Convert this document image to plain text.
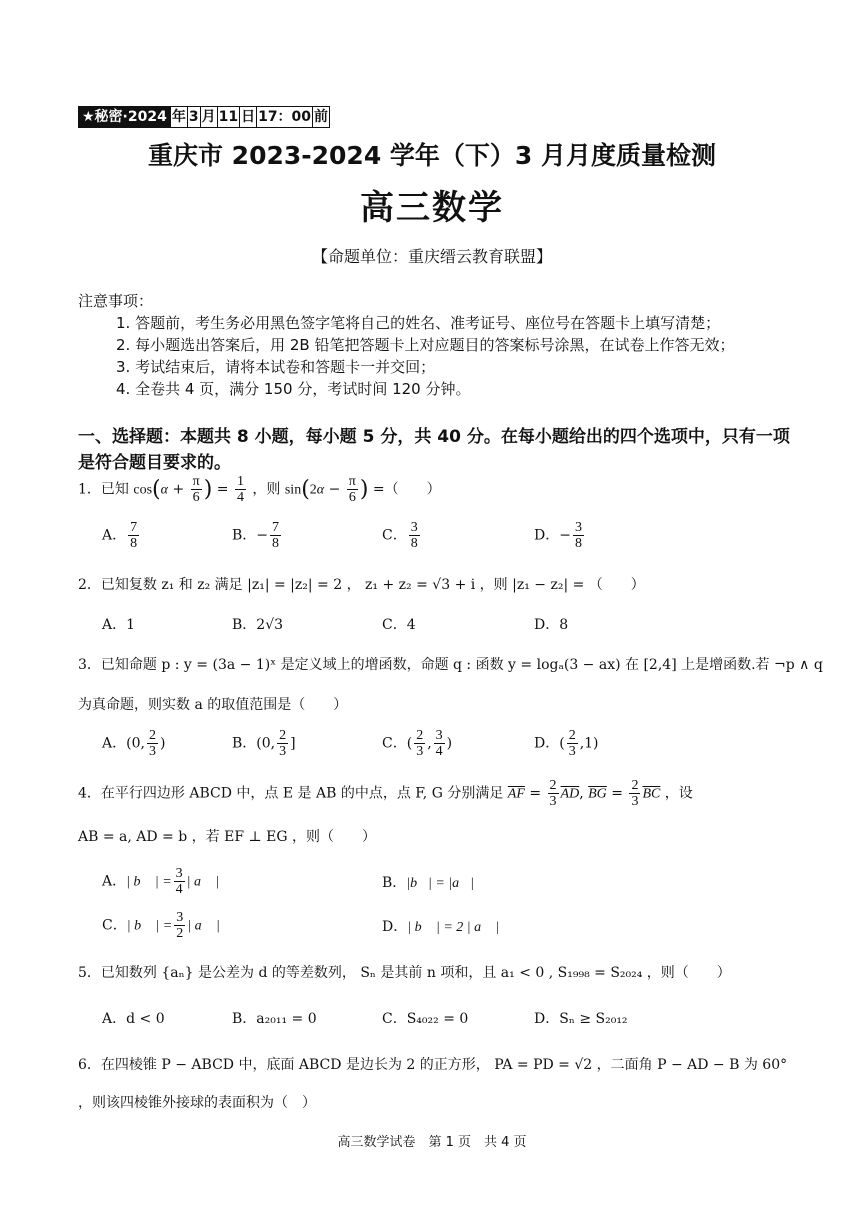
★秘密·2024 年 3 月 11 日 17：00 前
重庆市 2023-2024 学年（下）3 月月度质量检测
高三数学
【命题单位：重庆缙云教育联盟】
注意事项：
1. 答题前，考生务必用黑色签字笔将自己的姓名、准考证号、座位号在答题卡上填写清楚；
2. 每小题选出答案后，用 2B 铅笔把答题卡上对应题目的答案标号涂黑，在试卷上作答无效；
3. 考试结束后，请将本试卷和答题卡一并交回；
4. 全卷共 4 页，满分 150 分，考试时间 120 分钟。
一、选择题：本题共 8 小题，每小题 5 分，共 40 分。在每小题给出的四个选项中，只有一项是符合题目要求的。
1．已知 $\cos(\alpha + \frac{\pi}{6}$ ) = $\frac{1}{4}$ ，则 $\sin(2\alpha - \frac{\pi}{6}$ ) =（　　）
A． $\frac{7}{8}$	B．− $\frac{7}{8}$	C． $\frac{3}{8}$	D．− $\frac{3}{8}$
2．已知复数 z₁ 和 z₂ 满足 |z₁| = |z₂| = 2 ， z₁ + z₂ = √3 + i ，则 |z₁ − z₂| = （　　）
A．1	B．2√3	C．4	D．8
3．已知命题 p : y = (3a − 1)ˣ 是定义域上的增函数，命题 q : 函数 y = logₐ(3 − ax) 在 [2,4] 上是增函数.若 ¬p ∧ q
为真命题，则实数 a 的取值范围是（　　）
A．(0, $\frac{2}{3}$ )	B．(0, $\frac{2}{3}$ ]	C．( $\frac{2}{3}$ , $\frac{3}{4}$ )	D．( $\frac{2}{3} ,1$)
4．在平行四边形 ABCD 中，点 E 是 AB 的中点，点 F, G 分别满足 $\overline{AF} = \frac{2}{3} \overline{AD}$, $\overline{BG} = \frac{2}{3} \overline{BC}$ ，设
AB = a, AD = b ，若 EF ⊥ EG ，则（　　）
A．| b⃗ | = $\frac{3}{4}$ | a⃗ |	B．|b⃗| = |a⃗|
C．| b⃗ | = $\frac{3}{2}$ | a⃗ |	D．| b⃗ | = 2 | a⃗ |
5．已知数列 {aₙ} 是公差为 d 的等差数列， Sₙ 是其前 n 项和，且 a₁ < 0 , S₁₉₉₈ = S₂₀₂₄ ，则（　　）
A．d < 0	B．a₂₀₁₁ = 0	C．S₄₀₂₂ = 0	D．Sₙ ≥ S₂₀₁₂
6．在四棱锥 P − ABCD 中，底面 ABCD 是边长为 2 的正方形， PA = PD = √2 ，二面角 P − AD − B 为 60°
，则该四棱锥外接球的表面积为（　）
高三数学试卷　第 1 页　共 4 页
